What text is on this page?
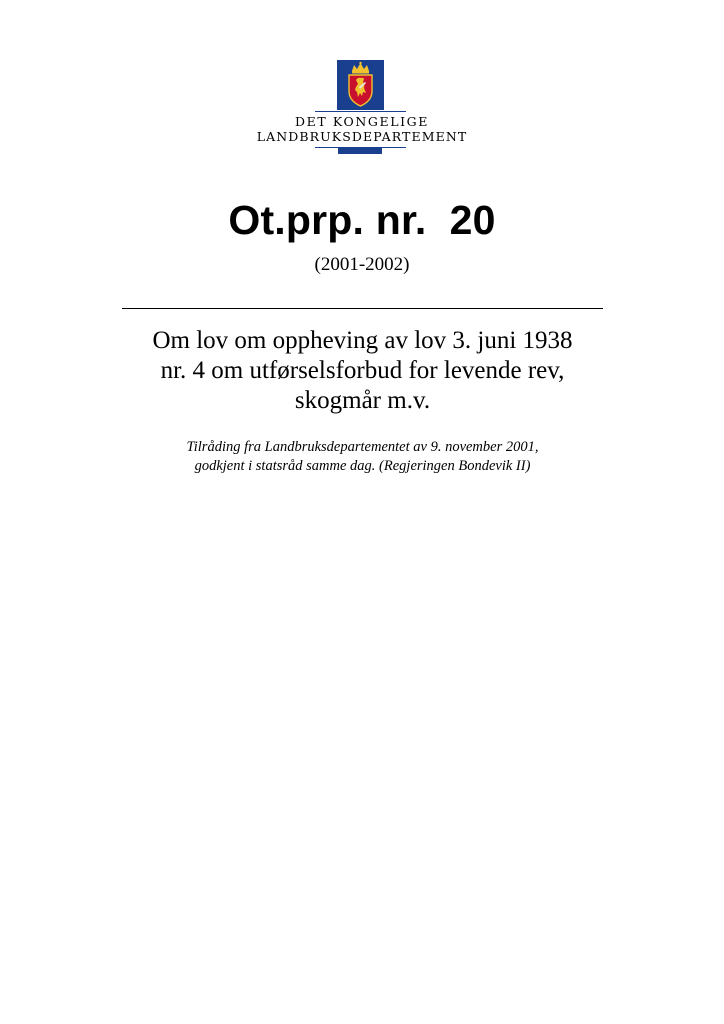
DET KONGELIGE
LANDBRUKSDEPARTEMENT
Ot.prp. nr.  20
(2001-2002)
Om lov om oppheving av lov 3. juni 1938
nr. 4 om utførselsforbud for levende rev,
skogmår m.v.
Tilråding fra Landbruksdepartementet av 9. november 2001,
godkjent i statsråd samme dag. (Regjeringen Bondevik II)
